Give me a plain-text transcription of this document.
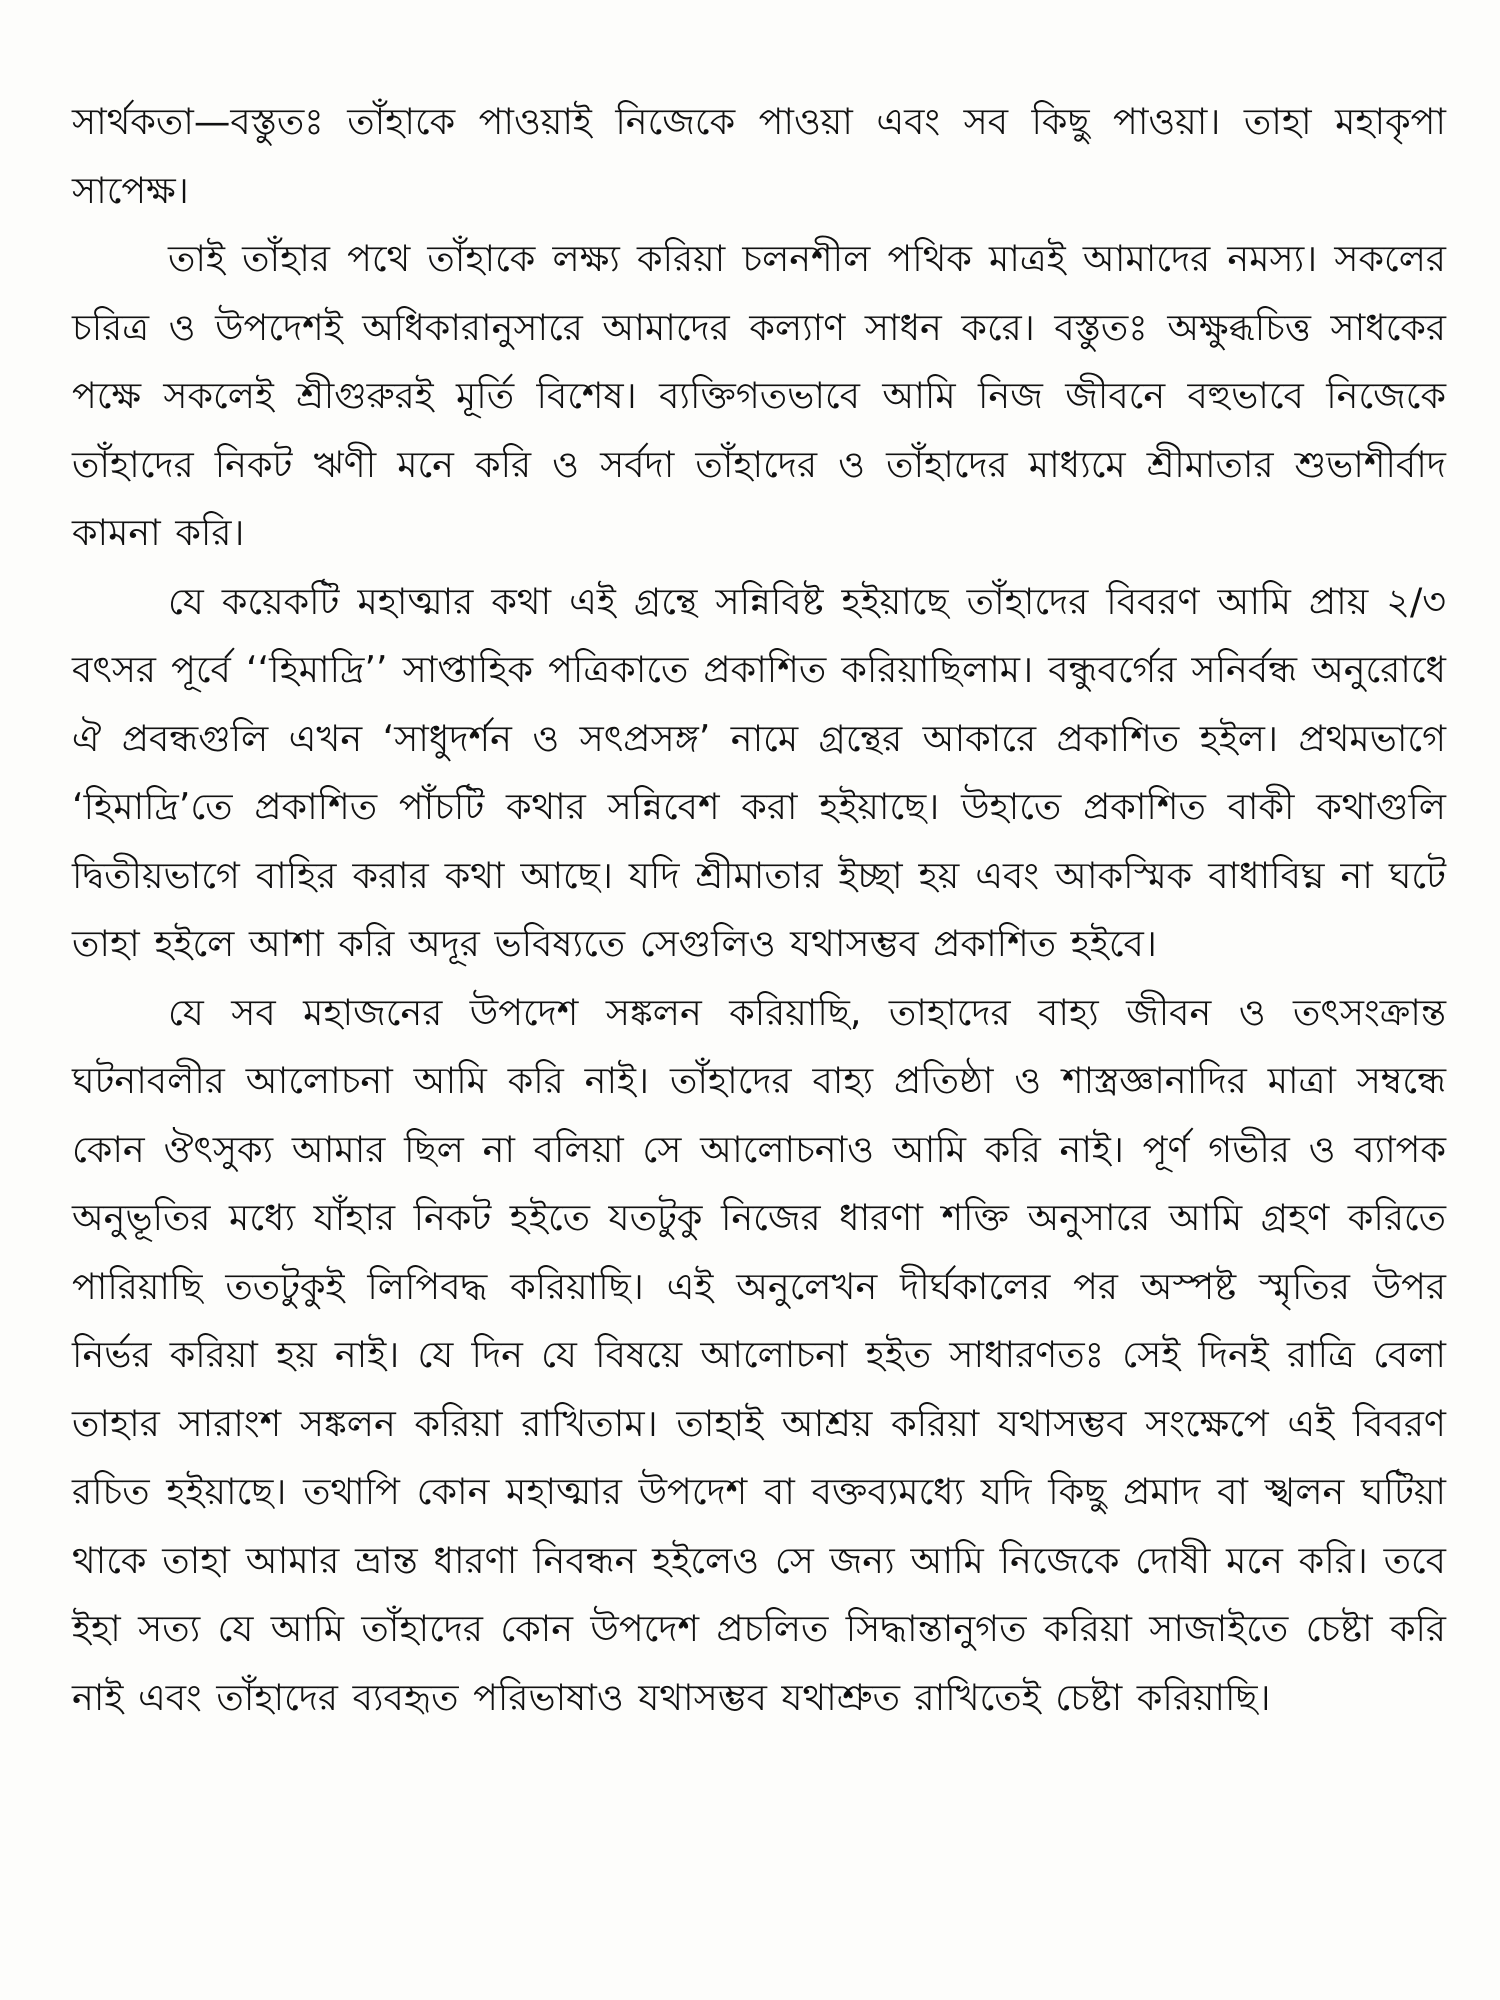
সার্থকতা—বস্তুতঃ তাঁহাকে পাওয়াই নিজেকে পাওয়া এবং সব কিছু পাওয়া। তাহা মহাকৃপা সাপেক্ষ।

তাই তাঁহার পথে তাঁহাকে লক্ষ্য করিয়া চলনশীল পথিক মাত্রই আমাদের নমস্য। সকলের চরিত্র ও উপদেশই অধিকারানুসারে আমাদের কল্যাণ সাধন করে। বস্তুতঃ অক্ষুব্ধচিত্ত সাধকের পক্ষে সকলেই শ্রীগুরুরই মূর্তি বিশেষ। ব্যক্তিগতভাবে আমি নিজ জীবনে বহুভাবে নিজেকে তাঁহাদের নিকট ঋণী মনে করি ও সর্বদা তাঁহাদের ও তাঁহাদের মাধ্যমে শ্রীমাতার শুভাশীর্বাদ কামনা করি।

যে কয়েকটি মহাত্মার কথা এই গ্রন্থে সন্নিবিষ্ট হইয়াছে তাঁহাদের বিবরণ আমি প্রায় ২/৩ বৎসর পূর্বে ‘‘হিমাদ্রি’’ সাপ্তাহিক পত্রিকাতে প্রকাশিত করিয়াছিলাম। বন্ধুবর্গের সনির্বন্ধ অনুরোধে ঐ প্রবন্ধগুলি এখন ‘সাধুদর্শন ও সৎপ্রসঙ্গ’ নামে গ্রন্থের আকারে প্রকাশিত হইল। প্রথমভাগে ‘হিমাদ্রি’তে প্রকাশিত পাঁচটি কথার সন্নিবেশ করা হইয়াছে। উহাতে প্রকাশিত বাকী কথাগুলি দ্বিতীয়ভাগে বাহির করার কথা আছে। যদি শ্রীমাতার ইচ্ছা হয় এবং আকস্মিক বাধাবিঘ্ন না ঘটে তাহা হইলে আশা করি অদূর ভবিষ্যতে সেগুলিও যথাসম্ভব প্রকাশিত হইবে।

যে সব মহাজনের উপদেশ সঙ্কলন করিয়াছি, তাহাদের বাহ্য জীবন ও তৎসংক্রান্ত ঘটনাবলীর আলোচনা আমি করি নাই। তাঁহাদের বাহ্য প্রতিষ্ঠা ও শাস্ত্রজ্ঞানাদির মাত্রা সম্বন্ধে কোন ঔৎসুক্য আমার ছিল না বলিয়া সে আলোচনাও আমি করি নাই। পূর্ণ গভীর ও ব্যাপক অনুভূতির মধ্যে যাঁহার নিকট হইতে যতটুকু নিজের ধারণা শক্তি অনুসারে আমি গ্রহণ করিতে পারিয়াছি ততটুকুই লিপিবদ্ধ করিয়াছি। এই অনুলেখন দীর্ঘকালের পর অস্পষ্ট স্মৃতির উপর নির্ভর করিয়া হয় নাই। যে দিন যে বিষয়ে আলোচনা হইত সাধারণতঃ সেই দিনই রাত্রি বেলা তাহার সারাংশ সঙ্কলন করিয়া রাখিতাম। তাহাই আশ্রয় করিয়া যথাসম্ভব সংক্ষেপে এই বিবরণ রচিত হইয়াছে। তথাপি কোন মহাত্মার উপদেশ বা বক্তব্যমধ্যে যদি কিছু প্রমাদ বা স্খলন ঘটিয়া থাকে তাহা আমার ভ্রান্ত ধারণা নিবন্ধন হইলেও সে জন্য আমি নিজেকে দোষী মনে করি। তবে ইহা সত্য যে আমি তাঁহাদের কোন উপদেশ প্রচলিত সিদ্ধান্তানুগত করিয়া সাজাইতে চেষ্টা করি নাই এবং তাঁহাদের ব্যবহৃত পরিভাষাও যথাসম্ভব যথাশ্রুত রাখিতেই চেষ্টা করিয়াছি।
